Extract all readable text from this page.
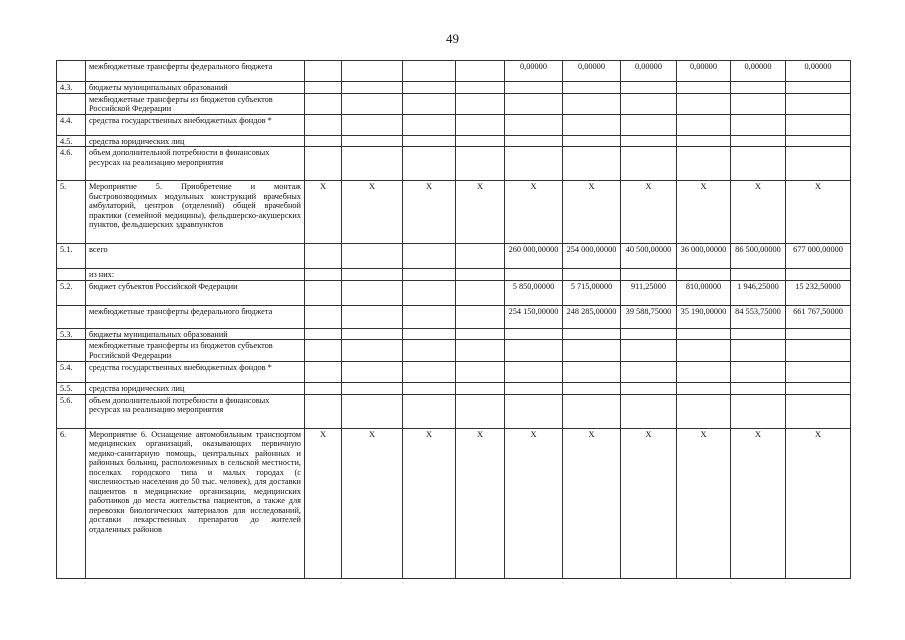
49
	межбюджетные трансферты федерального бюджета					0,00000	0,00000	0,00000	0,00000	0,00000	0,00000
4.3.	бюджеты муниципальных образований										
	межбюджетные трансферты из бюджетов субъектов Российской Федерации										
4.4.	средства государственных внебюджетных фондов *										
4.5.	средства юридических лиц										
4.6.	объем дополнительной потребности в финансовых ресурсах на реализацию мероприятия										
5.	Мероприятие 5. Приобретение и монтаж быстровозводимых модульных конструкций врачебных амбулаторий, центров (отделений) общей врачебной практики (семейной медицины), фельдшерско-акушерских пунктов, фельдшерских здравпунктов	X	X	X	X	X	X	X	X	X	X
5.1.	всего					260 000,00000	254 000,00000	40 500,00000	36 000,00000	86 500,00000	677 000,00000
	из них:										
5.2.	бюджет субъектов Российской Федерации					5 850,00000	5 715,00000	911,25000	810,00000	1 946,25000	15 232,50000
	межбюджетные трансферты федерального бюджета					254 150,00000	248 285,00000	39 588,75000	35 190,00000	84 553,75000	661 767,50000
5.3.	бюджеты муниципальных образований										
	межбюджетные трансферты из бюджетов субъектов Российской Федерации										
5.4.	средства государственных внебюджетных фондов *										
5.5.	средства юридических лиц										
5.6.	объем дополнительной потребности в финансовых ресурсах на реализацию мероприятия										
6.	Мероприятие 6. Оснащение автомобильным транспортом медицинских организаций, оказывающих первичную медико-санитарную помощь, центральных районных и районных больниц, расположенных в сельской местности, поселках городского типа и малых городах (с численностью населения до 50 тыс. человек), для доставки пациентов в медицинские организации, медицинских работников до места жительства пациентов, а также для перевозки биологических материалов для исследований, доставки лекарственных препаратов до жителей отдаленных районов	X	X	X	X	X	X	X	X	X	X
